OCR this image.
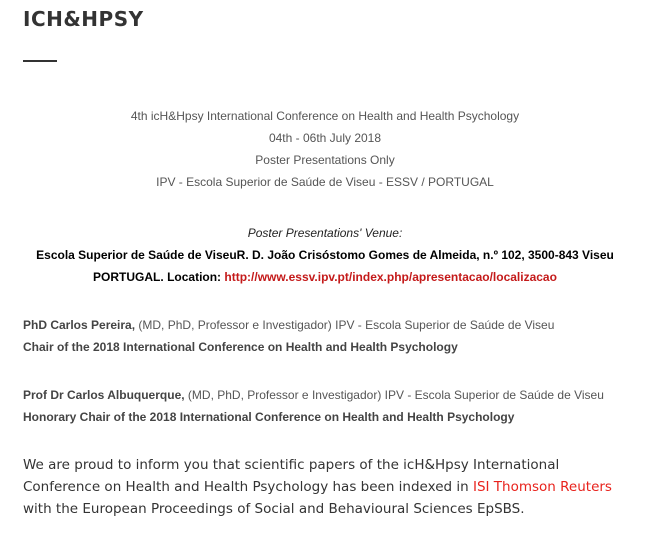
ICH&HPSY
4th icH&Hpsy International Conference on Health and Health Psychology
04th - 06th July 2018
Poster Presentations Only
IPV - Escola Superior de Saúde de Viseu - ESSV / PORTUGAL
Poster Presentations' Venue:
Escola Superior de Saúde de ViseuR. D. João Crisóstomo Gomes de Almeida, n.º 102, 3500-843 Viseu
PORTUGAL. Location: http://www.essv.ipv.pt/index.php/apresentacao/localizacao
PhD Carlos Pereira, (MD, PhD, Professor e Investigador) IPV - Escola Superior de Saúde de Viseu
Chair of the 2018 International Conference on Health and Health Psychology
Prof Dr Carlos Albuquerque, (MD, PhD, Professor e Investigador) IPV - Escola Superior de Saúde de Viseu
Honorary Chair of the 2018 International Conference on Health and Health Psychology

We are proud to inform you that scientific papers of the icH&Hpsy International Conference on Health and Health Psychology has been indexed in ISI Thomson Reuters with the European Proceedings of Social and Behavioural Sciences EpSBS.
